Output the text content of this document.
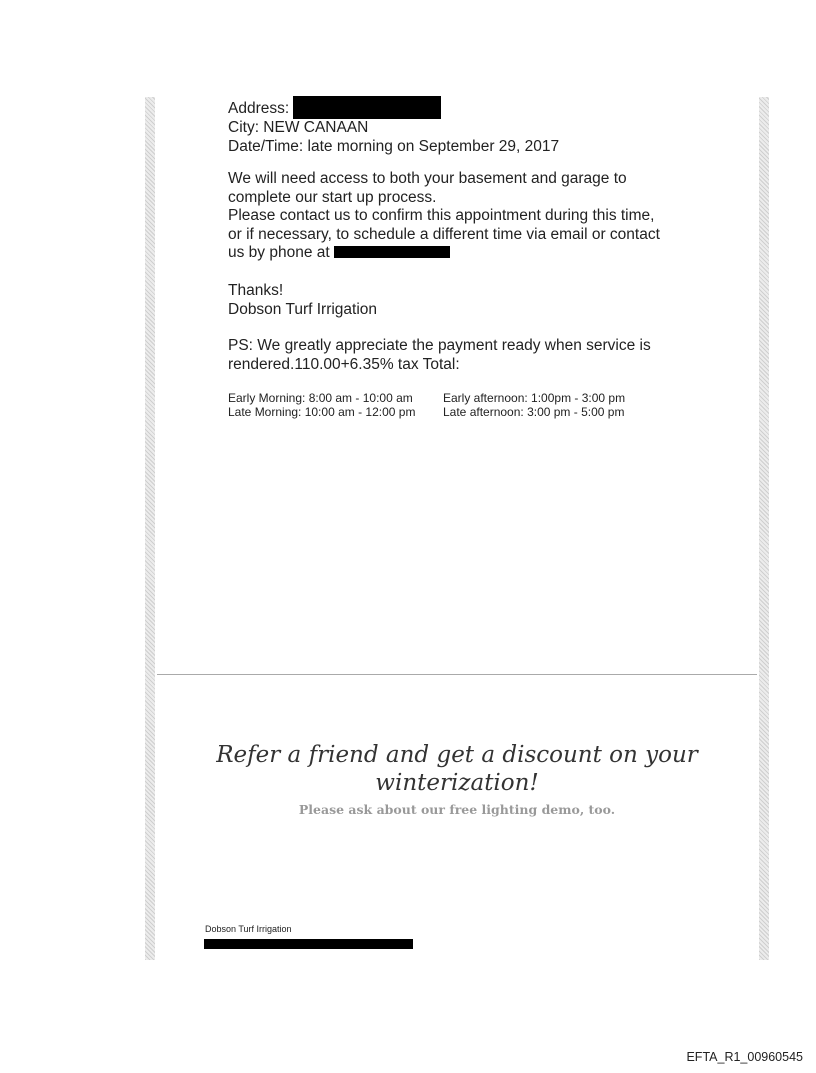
Address:
City: NEW CANAAN
Date/Time: late morning on September 29, 2017
We will need access to both your basement and garage to
complete our start up process.
Please contact us to confirm this appointment during this time,
or if necessary, to schedule a different time via email or contact
us by phone at
Thanks!
Dobson Turf Irrigation
PS: We greatly appreciate the payment ready when service is
rendered.110.00+6.35% tax Total:
Early Morning: 8:00 am - 10:00 am	Early afternoon: 1:00pm - 3:00 pm
Late Morning: 10:00 am - 12:00 pm	Late afternoon: 3:00 pm - 5:00 pm
Refer a friend and get a discount on your
winterization!
Please ask about our free lighting demo, too.
Dobson Turf Irrigation
EFTA_R1_00960545
